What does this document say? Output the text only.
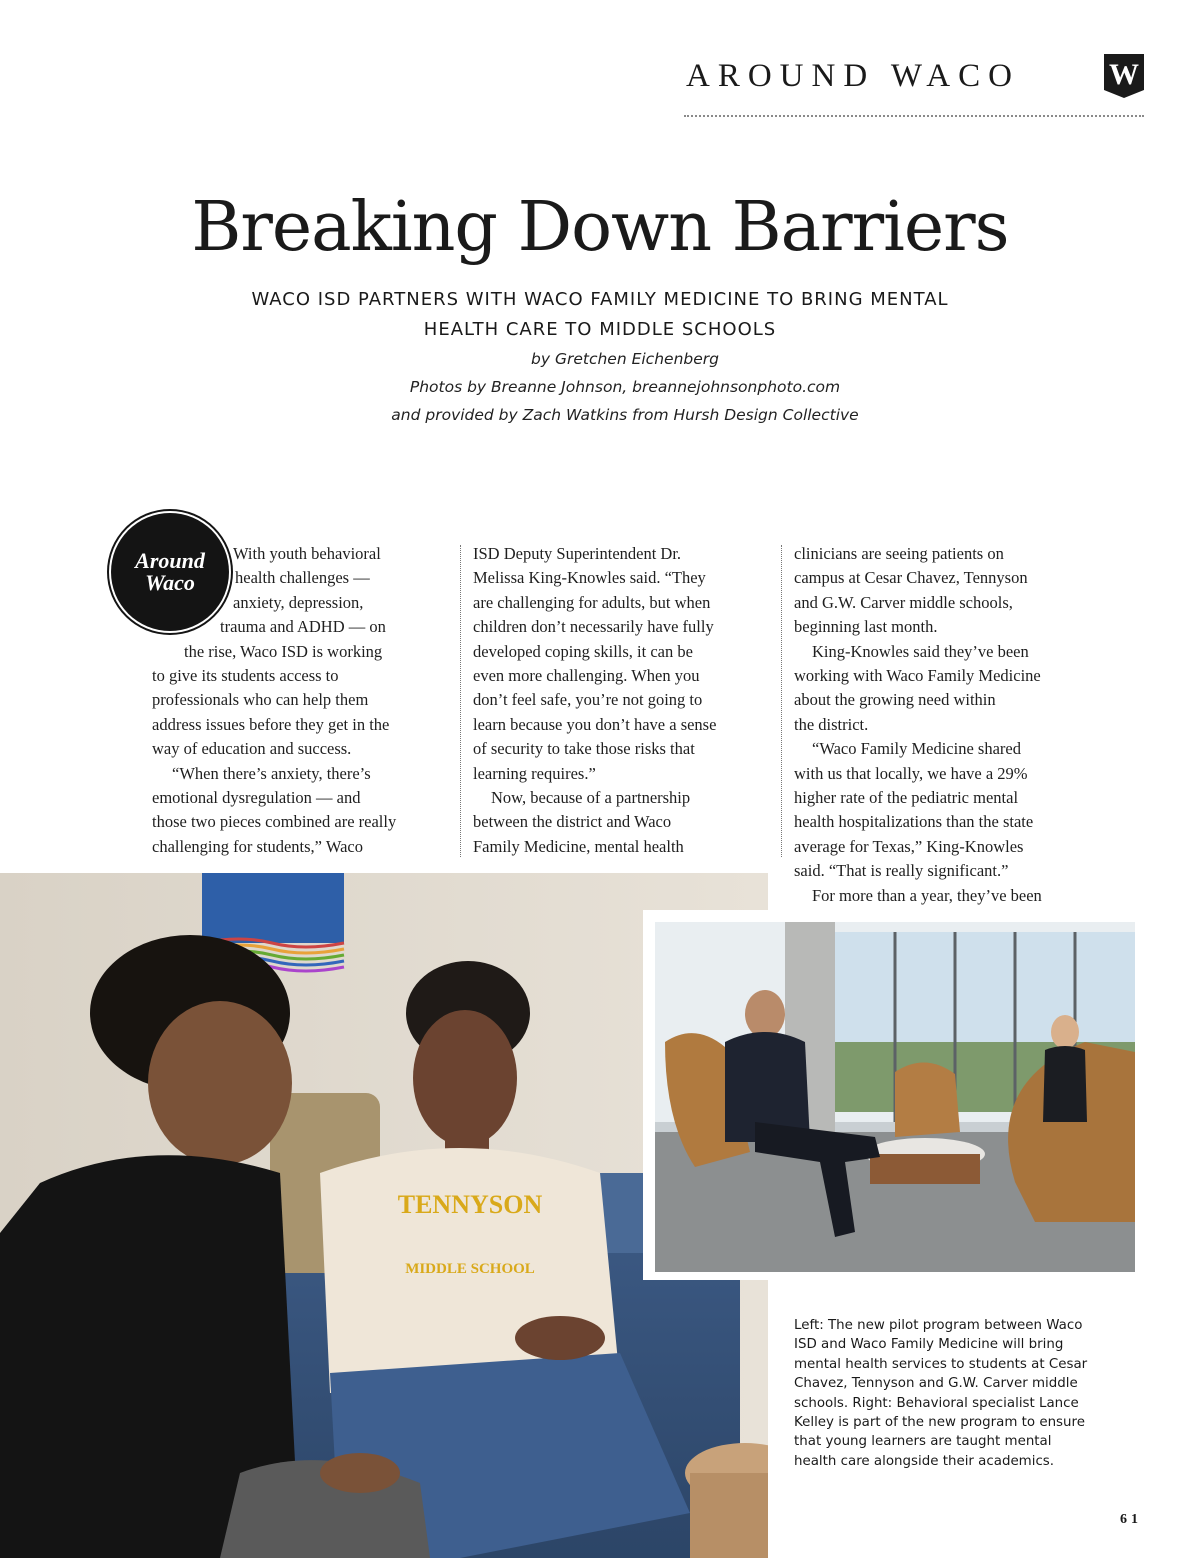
AROUND WACO	W
Breaking Down Barriers
WACO ISD PARTNERS WITH WACO FAMILY MEDICINE TO BRING MENTAL
HEALTH CARE TO MIDDLE SCHOOLS
by Gretchen Eichenberg
Photos by Breanne Johnson, breannejohnsonphoto.com
and provided by Zach Watkins from Hursh Design Collective
Around
Waco
With youth behavioral
health challenges —
anxiety, depression,
trauma and ADHD — on
the rise, Waco ISD is working
to give its students access to
professionals who can help them
address issues before they get in the
way of education and success.
“When there’s anxiety, there’s
emotional dysregulation — and
those two pieces combined are really
challenging for students,” Waco
ISD Deputy Superintendent Dr.
Melissa King-Knowles said. “They
are challenging for adults, but when
children don’t necessarily have fully
developed coping skills, it can be
even more challenging. When you
don’t feel safe, you’re not going to
learn because you don’t have a sense
of security to take those risks that
learning requires.”
Now, because of a partnership
between the district and Waco
Family Medicine, mental health
clinicians are seeing patients on
campus at Cesar Chavez, Tennyson
and G.W. Carver middle schools,
beginning last month.
King-Knowles said they’ve been
working with Waco Family Medicine
about the growing need within
the district.
“Waco Family Medicine shared
with us that locally, we have a 29%
higher rate of the pediatric mental
health hospitalizations than the state
average for Texas,” King-Knowles
said. “That is really significant.”
For more than a year, they’ve been
TENNYSON
MIDDLE SCHOOL
Left: The new pilot program between Waco
ISD and Waco Family Medicine will bring
mental health services to students at Cesar
Chavez, Tennyson and G.W. Carver middle
schools. Right: Behavioral specialist Lance
Kelley is part of the new program to ensure
that young learners are taught mental
health care alongside their academics.
61
